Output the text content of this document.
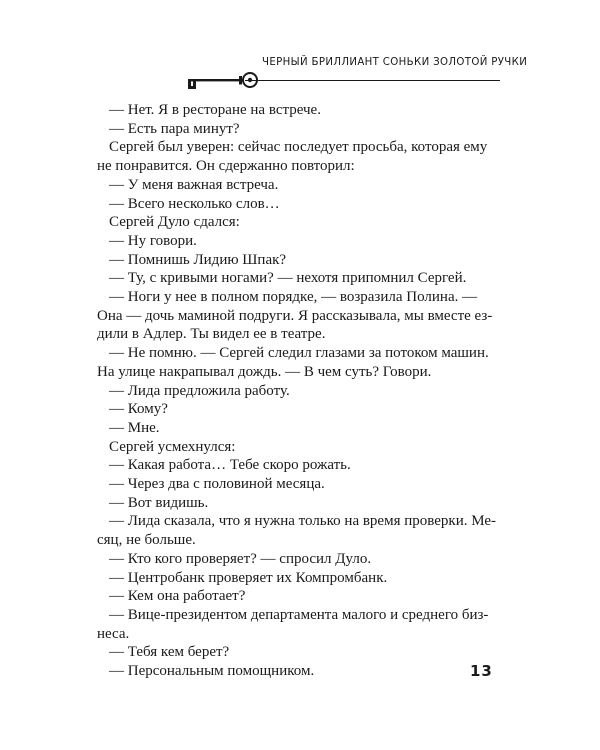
ЧЕРНЫЙ БРИЛЛИАНТ СОНЬКИ ЗОЛОТОЙ РУЧКИ

— Нет. Я в ресторане на встрече.

— Есть пара минут?

Сергей был уверен: сейчас последует просьба, которая ему

не понравится. Он сдержанно повторил:

— У меня важная встреча.

— Всего несколько слов…

Сергей Дуло сдался:

— Ну говори.

— Помнишь Лидию Шпак?

— Ту, с кривыми ногами? — нехотя припомнил Сергей.

— Ноги у нее в полном порядке, — возразила Полина. —

Она — дочь маминой подруги. Я рассказывала, мы вместе ез-

дили в Адлер. Ты видел ее в театре.

— Не помню. — Сергей следил глазами за потоком машин.

На улице накрапывал дождь. — В чем суть? Говори.

— Лида предложила работу.

— Кому?

— Мне.

Сергей усмехнулся:

— Какая работа… Тебе скоро рожать.

— Через два с половиной месяца.

— Вот видишь.

— Лида сказала, что я нужна только на время проверки. Ме-

сяц, не больше.

— Кто кого проверяет? — спросил Дуло.

— Центробанк проверяет их Компромбанк.

— Кем она работает?

— Вице-президентом департамента малого и среднего биз-

неса.

— Тебя кем берет?

— Персональным помощником.	13
